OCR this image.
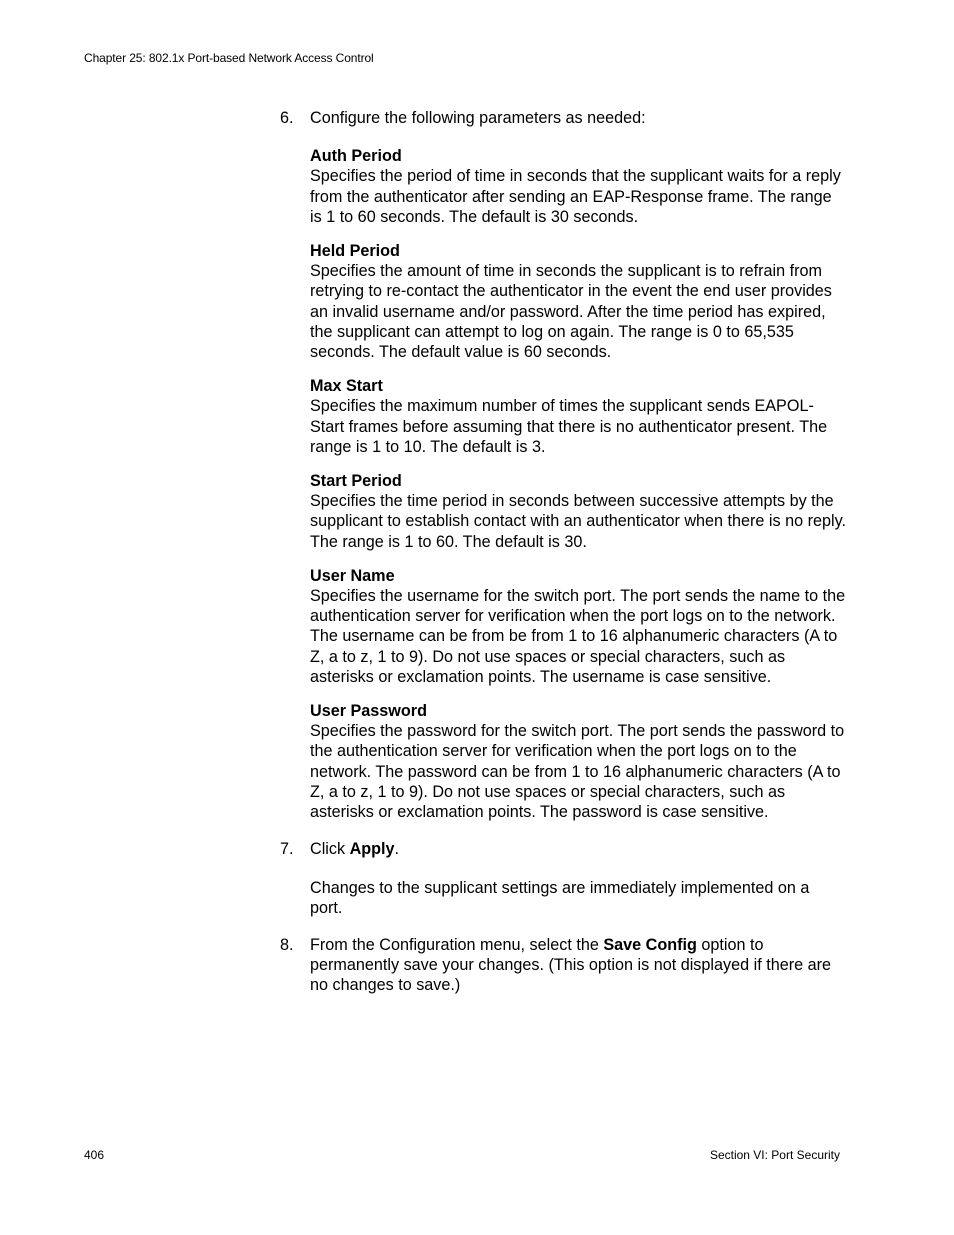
Chapter 25: 802.1x Port-based Network Access Control
6.	Configure the following parameters as needed:
Auth Period

Specifies the period of time in seconds that the supplicant waits for a reply from the authenticator after sending an EAP-Response frame. The range is 1 to 60 seconds. The default is 30 seconds.

Held Period

Specifies the amount of time in seconds the supplicant is to refrain from retrying to re-contact the authenticator in the event the end user provides an invalid username and/or password. After the time period has expired, the supplicant can attempt to log on again. The range is 0 to 65,535 seconds. The default value is 60 seconds.

Max Start

Specifies the maximum number of times the supplicant sends EAPOL-Start frames before assuming that there is no authenticator present. The range is 1 to 10. The default is 3.

Start Period

Specifies the time period in seconds between successive attempts by the supplicant to establish contact with an authenticator when there is no reply. The range is 1 to 60. The default is 30.

User Name

Specifies the username for the switch port. The port sends the name to the authentication server for verification when the port logs on to the network. The username can be from be from 1 to 16 alphanumeric characters (A to Z, a to z, 1 to 9). Do not use spaces or special characters, such as asterisks or exclamation points. The username is case sensitive.

User Password

Specifies the password for the switch port. The port sends the password to the authentication server for verification when the port logs on to the network. The password can be from 1 to 16 alphanumeric characters (A to Z, a to z, 1 to 9). Do not use spaces or special characters, such as asterisks or exclamation points. The password is case sensitive.

7.	Click Apply.
Changes to the supplicant settings are immediately implemented on a port.
8.	From the Configuration menu, select the Save Config option to permanently save your changes. (This option is not displayed if there are no changes to save.)
406	Section VI: Port Security
